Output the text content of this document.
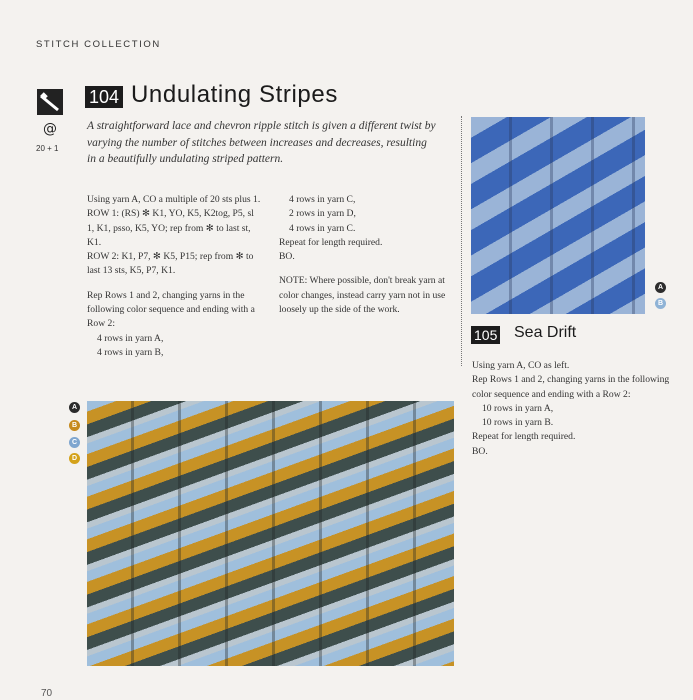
STITCH COLLECTION
@
20 + 1
104 Undulating Stripes
A straightforward lace and chevron ripple stitch is given a different twist by varying the number of stitches between increases and decreases, resulting in a beautifully undulating striped pattern.

Using yarn A, CO a multiple of 20 sts plus 1.

ROW 1: (RS) ✻ K1, YO, K5, K2tog, P5, sl 1, K1, psso, K5, YO; rep from ✻ to last st, K1.

ROW 2: K1, P7, ✻ K5, P15; rep from ✻ to last 13 sts, K5, P7, K1.

Rep Rows 1 and 2, changing yarns in the following color sequence and ending with a Row 2:

4 rows in yarn A,

4 rows in yarn B,

4 rows in yarn C,

2 rows in yarn D,

4 rows in yarn C.

Repeat for length required.

BO.

NOTE: Where possible, don't break yarn at color changes, instead carry yarn not in use loosely up the side of the work.

A
B
C
D
A
B
105 Sea Drift

Using yarn A, CO as left.

Rep Rows 1 and 2, changing yarns in the following color sequence and ending with a Row 2:

10 rows in yarn A,

10 rows in yarn B.

Repeat for length required.

BO.

70
